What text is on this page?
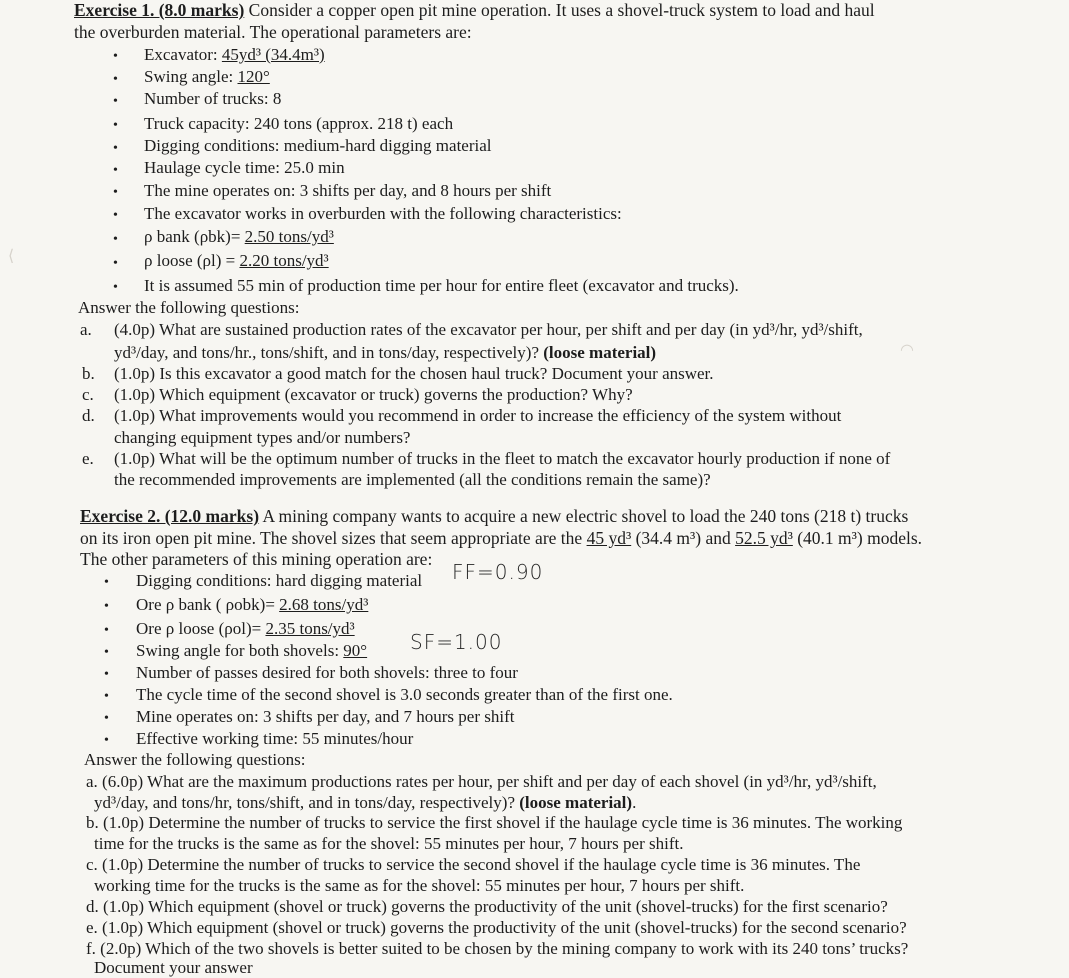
⟨
◠
Exercise 1. (8.0 marks) Consider a copper open pit mine operation. It uses a shovel-truck system to load and haul
the overburden material. The operational parameters are:
• Excavator: 45yd³ (34.4m³)
• Swing angle: 120°
• Number of trucks: 8
• Truck capacity: 240 tons (approx. 218 t) each
• Digging conditions: medium-hard digging material
• Haulage cycle time: 25.0 min
• The mine operates on: 3 shifts per day, and 8 hours per shift
• The excavator works in overburden with the following characteristics:
• ρ bank (ρbk)= 2.50 tons/yd³
• ρ loose (ρl) = 2.20 tons/yd³
• It is assumed 55 min of production time per hour for entire fleet (excavator and trucks).
Answer the following questions:
a. (4.0p) What are sustained production rates of the excavator per hour, per shift and per day (in yd³/hr, yd³/shift,
yd³/day, and tons/hr., tons/shift, and in tons/day, respectively)? (loose material)
b. (1.0p) Is this excavator a good match for the chosen haul truck? Document your answer.
c. (1.0p) Which equipment (excavator or truck) governs the production? Why?
d. (1.0p) What improvements would you recommend in order to increase the efficiency of the system without
changing equipment types and/or numbers?
e. (1.0p) What will be the optimum number of trucks in the fleet to match the excavator hourly production if none of
the recommended improvements are implemented (all the conditions remain the same)?
Exercise 2. (12.0 marks) A mining company wants to acquire a new electric shovel to load the 240 tons (218 t) trucks
on its iron open pit mine. The shovel sizes that seem appropriate are the 45 yd³ (34.4 m³) and 52.5 yd³ (40.1 m³) models.
The other parameters of this mining operation are:
• Digging conditions: hard digging material FF=0.90
• Ore ρ bank ( ρobk)= 2.68 tons/yd³
• Ore ρ loose (ρol)= 2.35 tons/yd³
• Swing angle for both shovels: 90°	SF=1.00
• Number of passes desired for both shovels: three to four
• The cycle time of the second shovel is 3.0 seconds greater than of the first one.
• Mine operates on: 3 shifts per day, and 7 hours per shift
• Effective working time: 55 minutes/hour
Answer the following questions:
a. (6.0p) What are the maximum productions rates per hour, per shift and per day of each shovel (in yd³/hr, yd³/shift,
yd³/day, and tons/hr, tons/shift, and in tons/day, respectively)? (loose material).
b. (1.0p) Determine the number of trucks to service the first shovel if the haulage cycle time is 36 minutes. The working
time for the trucks is the same as for the shovel: 55 minutes per hour, 7 hours per shift.
c. (1.0p) Determine the number of trucks to service the second shovel if the haulage cycle time is 36 minutes. The
working time for the trucks is the same as for the shovel: 55 minutes per hour, 7 hours per shift.
d. (1.0p) Which equipment (shovel or truck) governs the productivity of the unit (shovel-trucks) for the first scenario?
e. (1.0p) Which equipment (shovel or truck) governs the productivity of the unit (shovel-trucks) for the second scenario?
f. (2.0p) Which of the two shovels is better suited to be chosen by the mining company to work with its 240 tons’ trucks?
Document your answer
